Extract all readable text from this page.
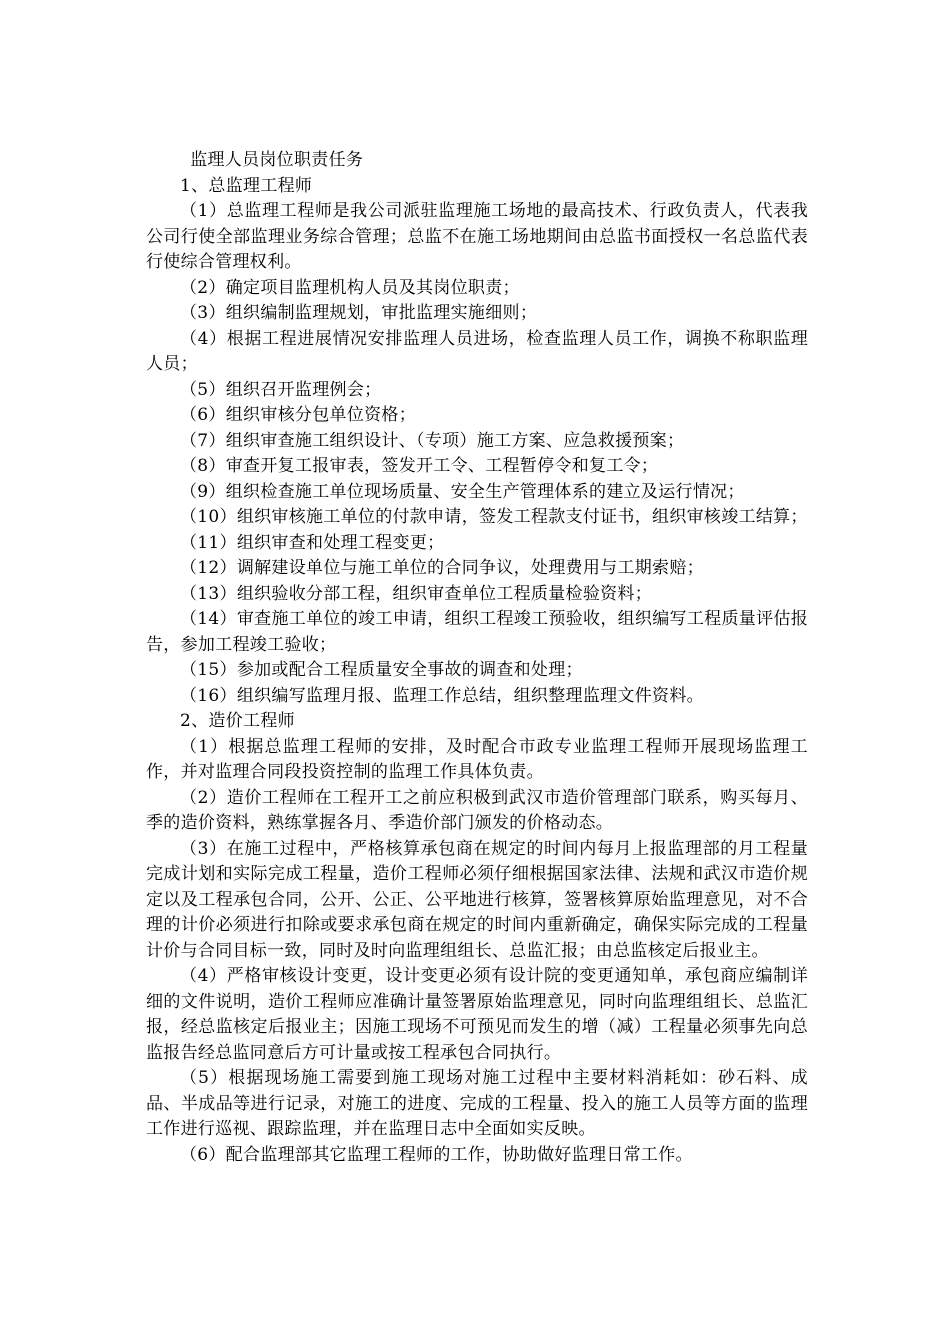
监理人员岗位职责任务

1、总监理工程师

（1）总监理工程师是我公司派驻监理施工场地的最高技术、行政负责人，代表我公司行使全部监理业务综合管理；总监不在施工场地期间由总监书面授权一名总监代表行使综合管理权利。

（2）确定项目监理机构人员及其岗位职责；

（3）组织编制监理规划，审批监理实施细则；

（4）根据工程进展情况安排监理人员进场，检查监理人员工作，调换不称职监理人员；

（5）组织召开监理例会；

（6）组织审核分包单位资格；

（7）组织审查施工组织设计、（专项）施工方案、应急救援预案；

（8）审查开复工报审表，签发开工令、工程暂停令和复工令；

（9）组织检查施工单位现场质量、安全生产管理体系的建立及运行情况；

（10）组织审核施工单位的付款申请，签发工程款支付证书，组织审核竣工结算；

（11）组织审查和处理工程变更；

（12）调解建设单位与施工单位的合同争议，处理费用与工期索赔；

（13）组织验收分部工程，组织审查单位工程质量检验资料；

（14）审查施工单位的竣工申请，组织工程竣工预验收，组织编写工程质量评估报告，参加工程竣工验收；

（15）参加或配合工程质量安全事故的调查和处理；

（16）组织编写监理月报、监理工作总结，组织整理监理文件资料。

2、造价工程师

（1）根据总监理工程师的安排，及时配合市政专业监理工程师开展现场监理工作，并对监理合同段投资控制的监理工作具体负责。

（2）造价工程师在工程开工之前应积极到武汉市造价管理部门联系，购买每月、季的造价资料，熟练掌握各月、季造价部门颁发的价格动态。

（3）在施工过程中，严格核算承包商在规定的时间内每月上报监理部的月工程量完成计划和实际完成工程量，造价工程师必须仔细根据国家法律、法规和武汉市造价规定以及工程承包合同，公开、公正、公平地进行核算，签署核算原始监理意见，对不合理的计价必须进行扣除或要求承包商在规定的时间内重新确定，确保实际完成的工程量计价与合同目标一致，同时及时向监理组组长、总监汇报；由总监核定后报业主。

（4）严格审核设计变更，设计变更必须有设计院的变更通知单，承包商应编制详细的文件说明，造价工程师应准确计量签署原始监理意见，同时向监理组组长、总监汇报，经总监核定后报业主；因施工现场不可预见而发生的增（减）工程量必须事先向总监报告经总监同意后方可计量或按工程承包合同执行。

（5）根据现场施工需要到施工现场对施工过程中主要材料消耗如：砂石料、成品、半成品等进行记录，对施工的进度、完成的工程量、投入的施工人员等方面的监理工作进行巡视、跟踪监理，并在监理日志中全面如实反映。

（6）配合监理部其它监理工程师的工作，协助做好监理日常工作。
